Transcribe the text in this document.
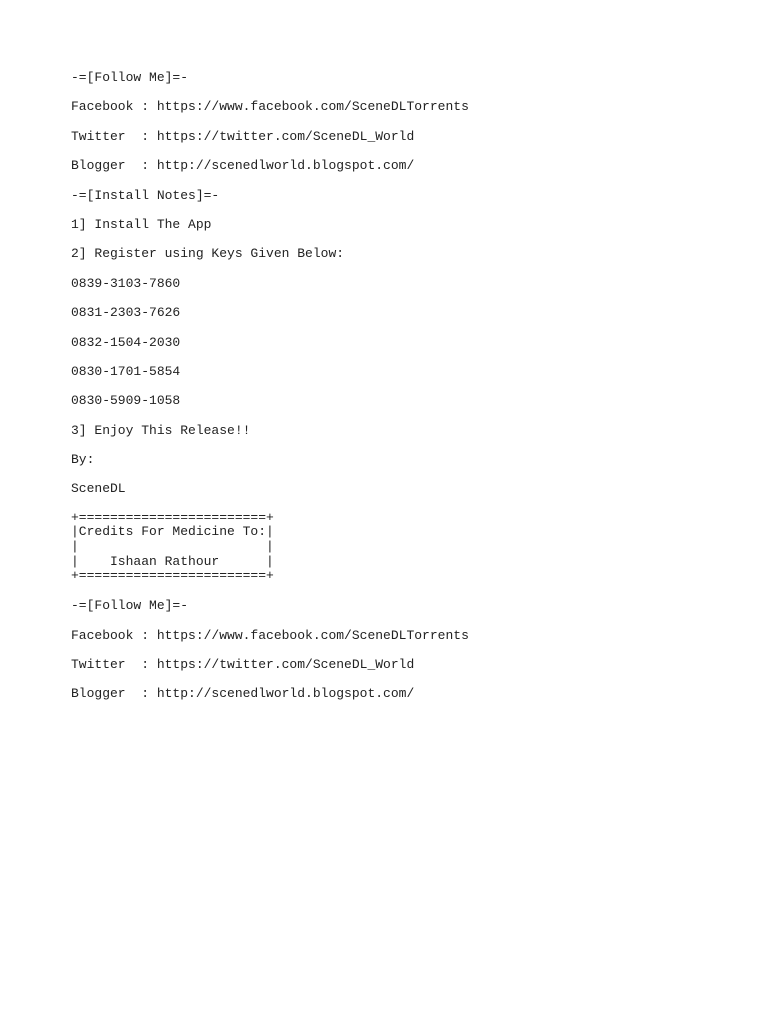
-=[Follow Me]=-
Facebook : https://www.facebook.com/SceneDLTorrents
Twitter  : https://twitter.com/SceneDL_World
Blogger  : http://scenedlworld.blogspot.com/
-=[Install Notes]=-
1] Install The App
2] Register using Keys Given Below:
0839-3103-7860
0831-2303-7626
0832-1504-2030
0830-1701-5854
0830-5909-1058
3] Enjoy This Release!!
By:
SceneDL
+========================+
|Credits For Medicine To:|
|                        |
|    Ishaan Rathour      |
+========================+
-=[Follow Me]=-
Facebook : https://www.facebook.com/SceneDLTorrents
Twitter  : https://twitter.com/SceneDL_World
Blogger  : http://scenedlworld.blogspot.com/
